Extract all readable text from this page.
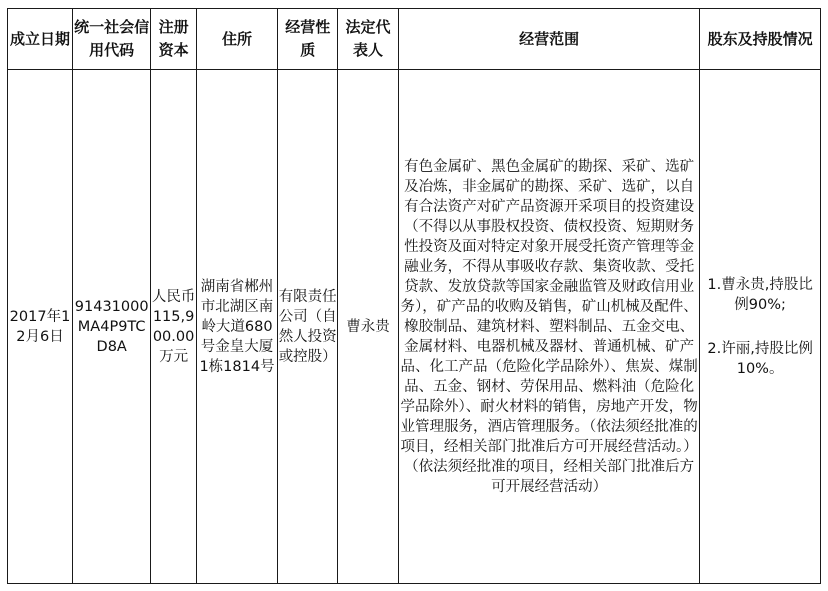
成立日期	统一社会信用代码	注册资本	住所	经营性质	法定代表人	经营范围	股东及持股情况
2017年12月6日	91431000MA4P9TCD8A	人民币115,900.00万元	湖南省郴州市北湖区南岭大道680号金皇大厦1栋1814号	有限责任公司（自然人投资或控股）	曹永贵	有色金属矿、黑色金属矿的勘探、采矿、选矿及冶炼，非金属矿的勘探、采矿、选矿，以自有合法资产对矿产品资源开采项目的投资建设（不得以从事股权投资、债权投资、短期财务性投资及面对特定对象开展受托资产管理等金融业务，不得从事吸收存款、集资收款、受托贷款、发放贷款等国家金融监管及财政信用业务），矿产品的收购及销售，矿山机械及配件、橡胶制品、建筑材料、塑料制品、五金交电、金属材料、电器机械及器材、普通机械、矿产品、化工产品（危险化学品除外）、焦炭、煤制品、五金、钢材、劳保用品、燃料油（危险化学品除外）、耐火材料的销售，房地产开发，物业管理服务，酒店管理服务。（依法须经批准的项目，经相关部门批准后方可开展经营活动。）（依法须经批准的项目，经相关部门批准后方可开展经营活动）	1.曹永贵,持股比例90%;
2.许丽,持股比例10%。
